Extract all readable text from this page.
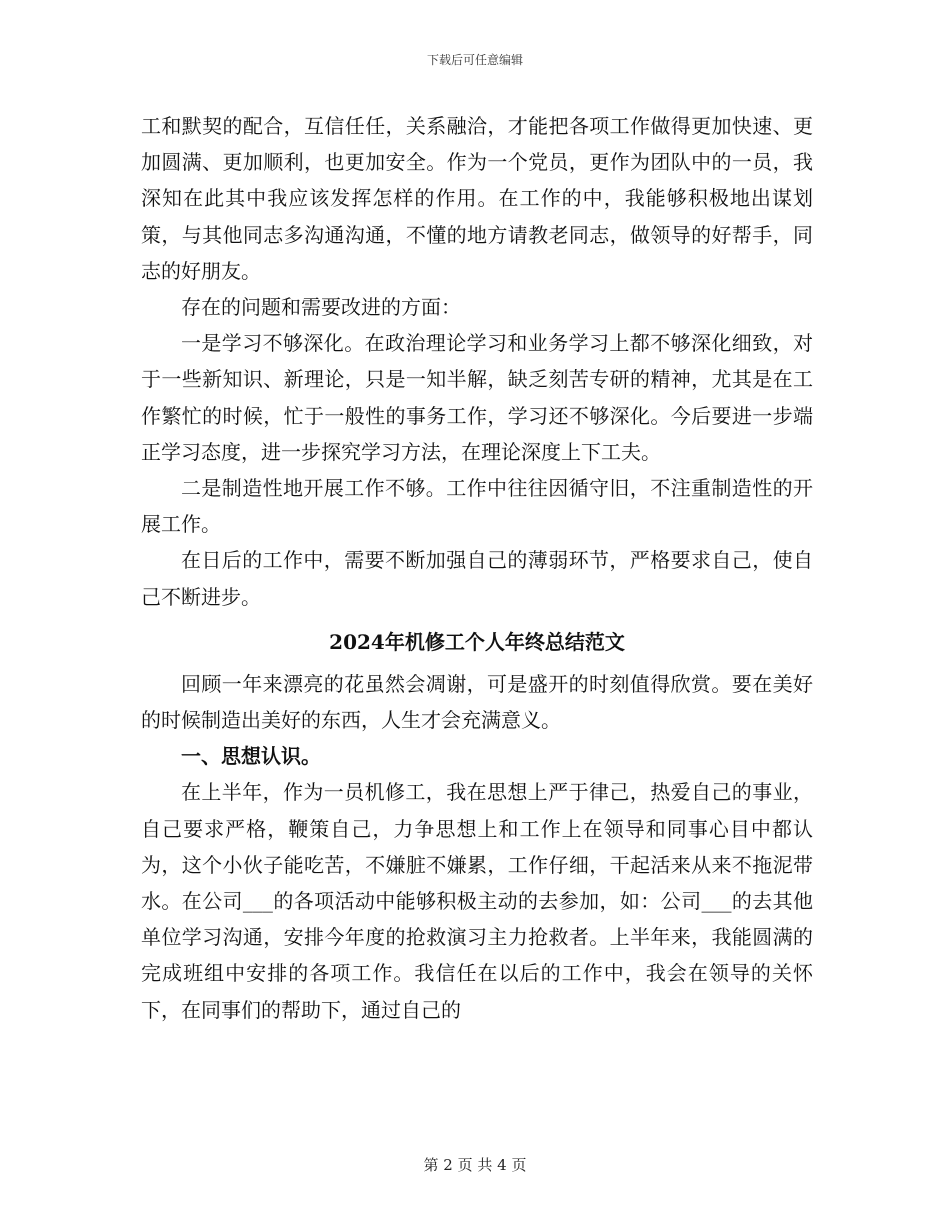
下载后可任意编辑

工和默契的配合，互信任任，关系融洽，才能把各项工作做得更加快速、更加圆满、更加顺利，也更加安全。作为一个党员，更作为团队中的一员，我深知在此其中我应该发挥怎样的作用。在工作的中，我能够积极地出谋划策，与其他同志多沟通沟通，不懂的地方请教老同志，做领导的好帮手，同志的好朋友。

存在的问题和需要改进的方面：

一是学习不够深化。在政治理论学习和业务学习上都不够深化细致，对于一些新知识、新理论，只是一知半解，缺乏刻苦专研的精神，尤其是在工作繁忙的时候，忙于一般性的事务工作，学习还不够深化。今后要进一步端正学习态度，进一步探究学习方法，在理论深度上下工夫。

二是制造性地开展工作不够。工作中往往因循守旧，不注重制造性的开展工作。

在日后的工作中，需要不断加强自己的薄弱环节，严格要求自己，使自己不断进步。

2024年机修工个人年终总结范文

回顾一年来漂亮的花虽然会凋谢，可是盛开的时刻值得欣赏。要在美好的时候制造出美好的东西，人生才会充满意义。

一、思想认识。

在上半年，作为一员机修工，我在思想上严于律己，热爱自己的事业，自己要求严格，鞭策自己，力争思想上和工作上在领导和同事心目中都认为，这个小伙子能吃苦，不嫌脏不嫌累，工作仔细，干起活来从来不拖泥带水。在公司___的各项活动中能够积极主动的去参加，如：公司___的去其他单位学习沟通，安排今年度的抢救演习主力抢救者。上半年来，我能圆满的完成班组中安排的各项工作。我信任在以后的工作中，我会在领导的关怀下，在同事们的帮助下，通过自己的

第 2 页 共 4 页
